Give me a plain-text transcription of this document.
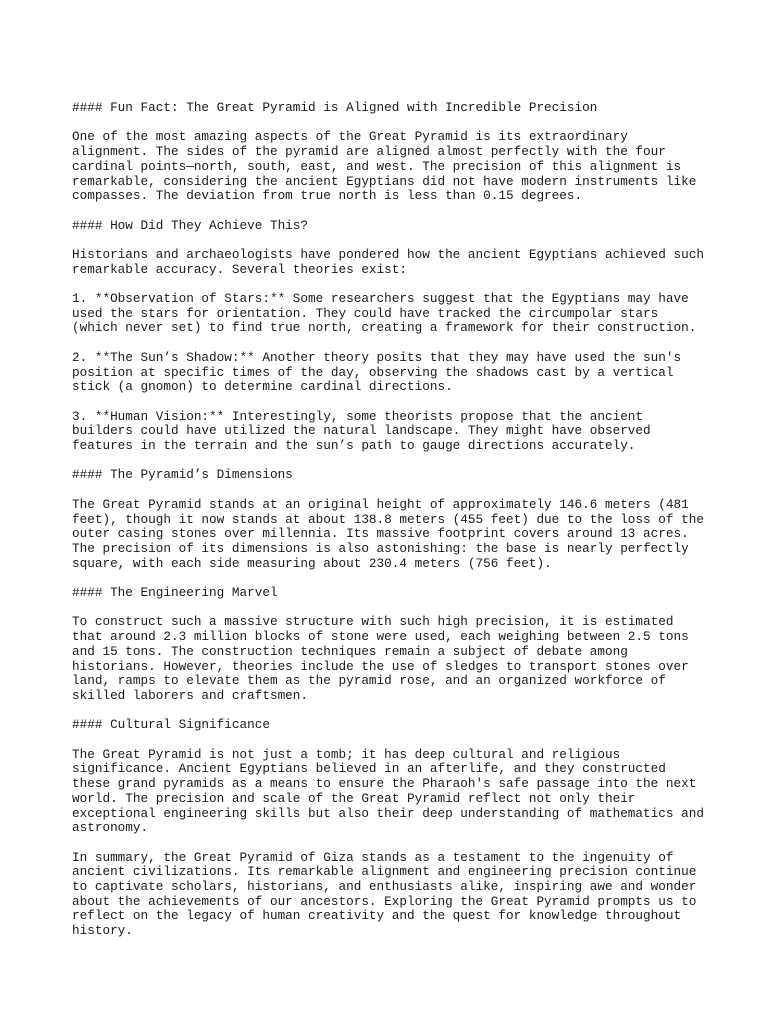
#### Fun Fact: The Great Pyramid is Aligned with Incredible Precision
One of the most amazing aspects of the Great Pyramid is its extraordinary
alignment. The sides of the pyramid are aligned almost perfectly with the four
cardinal points—north, south, east, and west. The precision of this alignment is
remarkable, considering the ancient Egyptians did not have modern instruments like
compasses. The deviation from true north is less than 0.15 degrees.
#### How Did They Achieve This?
Historians and archaeologists have pondered how the ancient Egyptians achieved such
remarkable accuracy. Several theories exist:
1. **Observation of Stars:** Some researchers suggest that the Egyptians may have
used the stars for orientation. They could have tracked the circumpolar stars
(which never set) to find true north, creating a framework for their construction.
2. **The Sun’s Shadow:** Another theory posits that they may have used the sun's
position at specific times of the day, observing the shadows cast by a vertical
stick (a gnomon) to determine cardinal directions.
3. **Human Vision:** Interestingly, some theorists propose that the ancient
builders could have utilized the natural landscape. They might have observed
features in the terrain and the sun’s path to gauge directions accurately.
#### The Pyramid’s Dimensions
The Great Pyramid stands at an original height of approximately 146.6 meters (481
feet), though it now stands at about 138.8 meters (455 feet) due to the loss of the
outer casing stones over millennia. Its massive footprint covers around 13 acres.
The precision of its dimensions is also astonishing: the base is nearly perfectly
square, with each side measuring about 230.4 meters (756 feet).
#### The Engineering Marvel
To construct such a massive structure with such high precision, it is estimated
that around 2.3 million blocks of stone were used, each weighing between 2.5 tons
and 15 tons. The construction techniques remain a subject of debate among
historians. However, theories include the use of sledges to transport stones over
land, ramps to elevate them as the pyramid rose, and an organized workforce of
skilled laborers and craftsmen.
#### Cultural Significance
The Great Pyramid is not just a tomb; it has deep cultural and religious
significance. Ancient Egyptians believed in an afterlife, and they constructed
these grand pyramids as a means to ensure the Pharaoh's safe passage into the next
world. The precision and scale of the Great Pyramid reflect not only their
exceptional engineering skills but also their deep understanding of mathematics and
astronomy.
In summary, the Great Pyramid of Giza stands as a testament to the ingenuity of
ancient civilizations. Its remarkable alignment and engineering precision continue
to captivate scholars, historians, and enthusiasts alike, inspiring awe and wonder
about the achievements of our ancestors. Exploring the Great Pyramid prompts us to
reflect on the legacy of human creativity and the quest for knowledge throughout
history.
